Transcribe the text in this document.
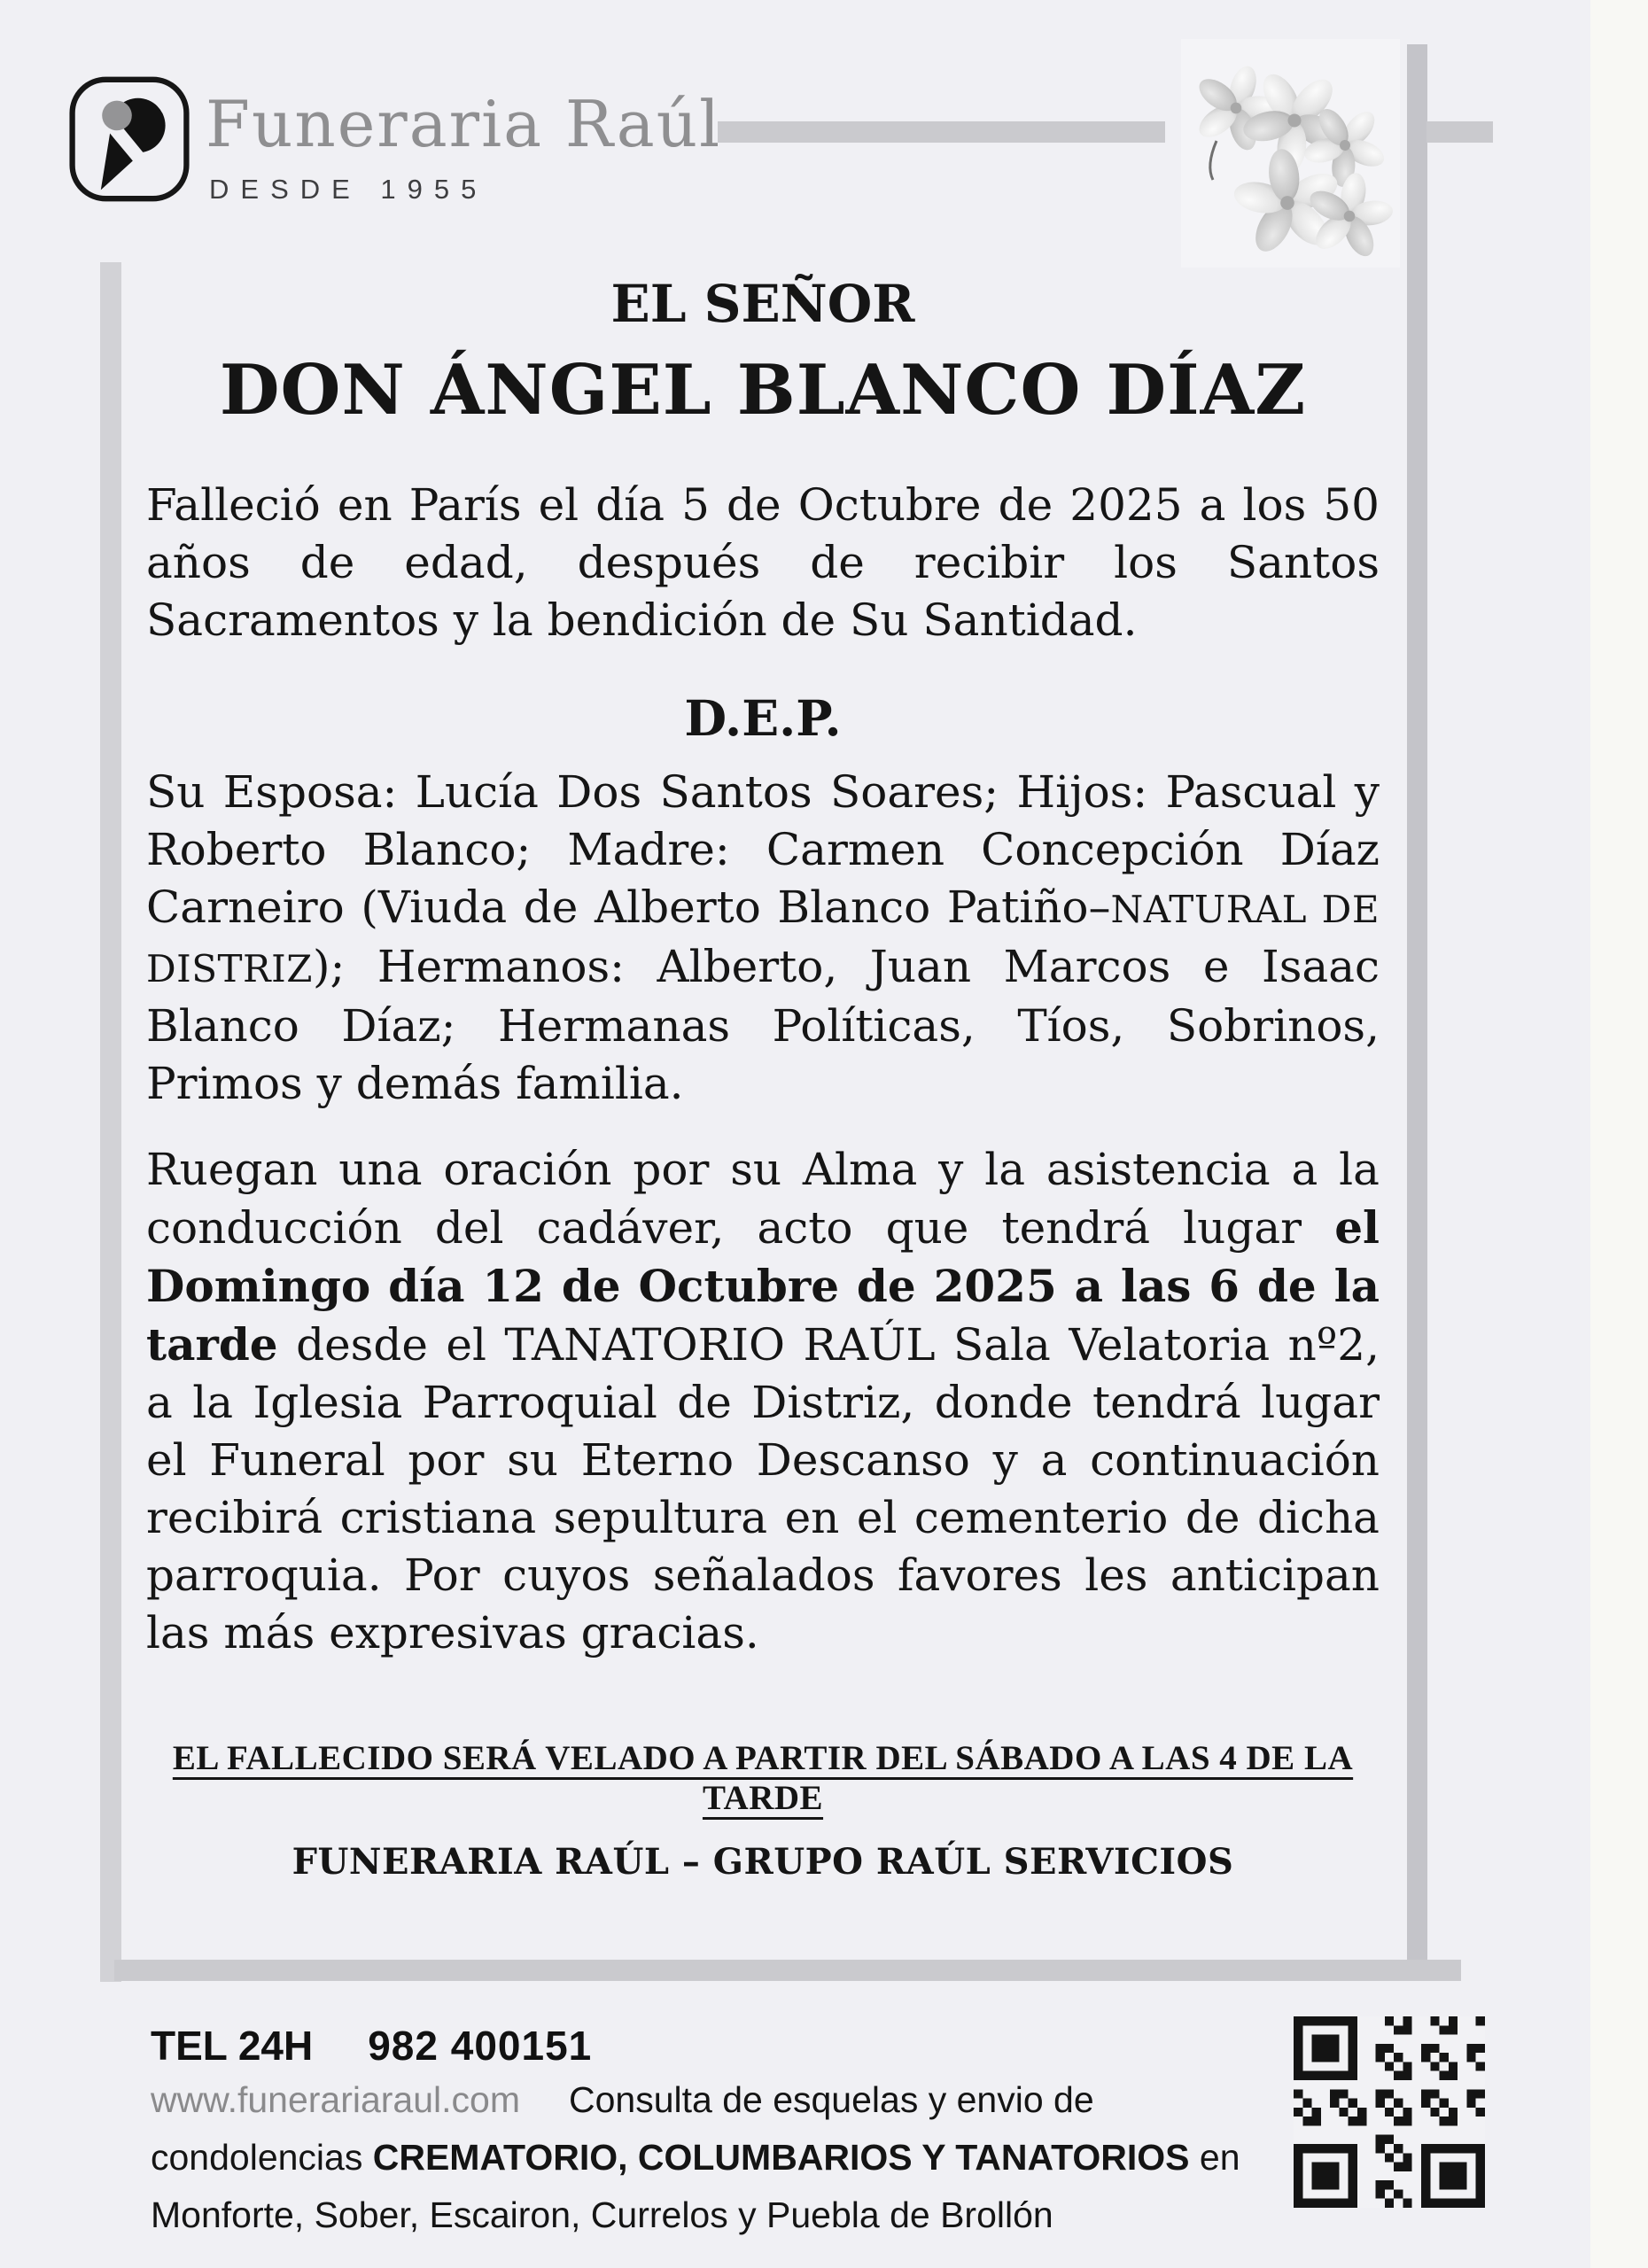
Funeraria Raúl
DESDE 1955
EL SEÑOR
DON ÁNGEL BLANCO DÍAZ
Falleció en París el día 5 de Octubre de 2025 a los 50 años de edad, después de recibir los Santos Sacramentos y la bendición de Su Santidad.
D.E.P.
Su Esposa: Lucía Dos Santos Soares; Hijos: Pascual y Roberto Blanco; Madre: Carmen Concepción Díaz Carneiro (Viuda de Alberto Blanco Patiño–NATURAL DE DISTRIZ); Hermanos: Alberto, Juan Marcos e Isaac Blanco Díaz; Hermanas Políticas, Tíos, Sobrinos, Primos y demás familia.
Ruegan una oración por su Alma y la asistencia a la conducción del cadáver, acto que tendrá lugar el Domingo día 12 de Octubre de 2025 a las 6 de la tarde desde el TANATORIO RAÚL Sala Velatoria nº2, a la Iglesia Parroquial de Distriz, donde tendrá lugar el Funeral por su Eterno Descanso y a continuación recibirá cristiana sepultura en el cementerio de dicha parroquia. Por cuyos señalados favores les anticipan las más expresivas gracias.
EL FALLECIDO SERÁ VELADO A PARTIR DEL SÁBADO A LAS 4 DE LA TARDE
FUNERARIA RAÚL – GRUPO RAÚL SERVICIOS
TEL 24H 982 400151
www.funerariaraul.com Consulta de esquelas y envio de condolencias CREMATORIO, COLUMBARIOS Y TANATORIOS en Monforte, Sober, Escairon, Currelos y Puebla de Brollón
